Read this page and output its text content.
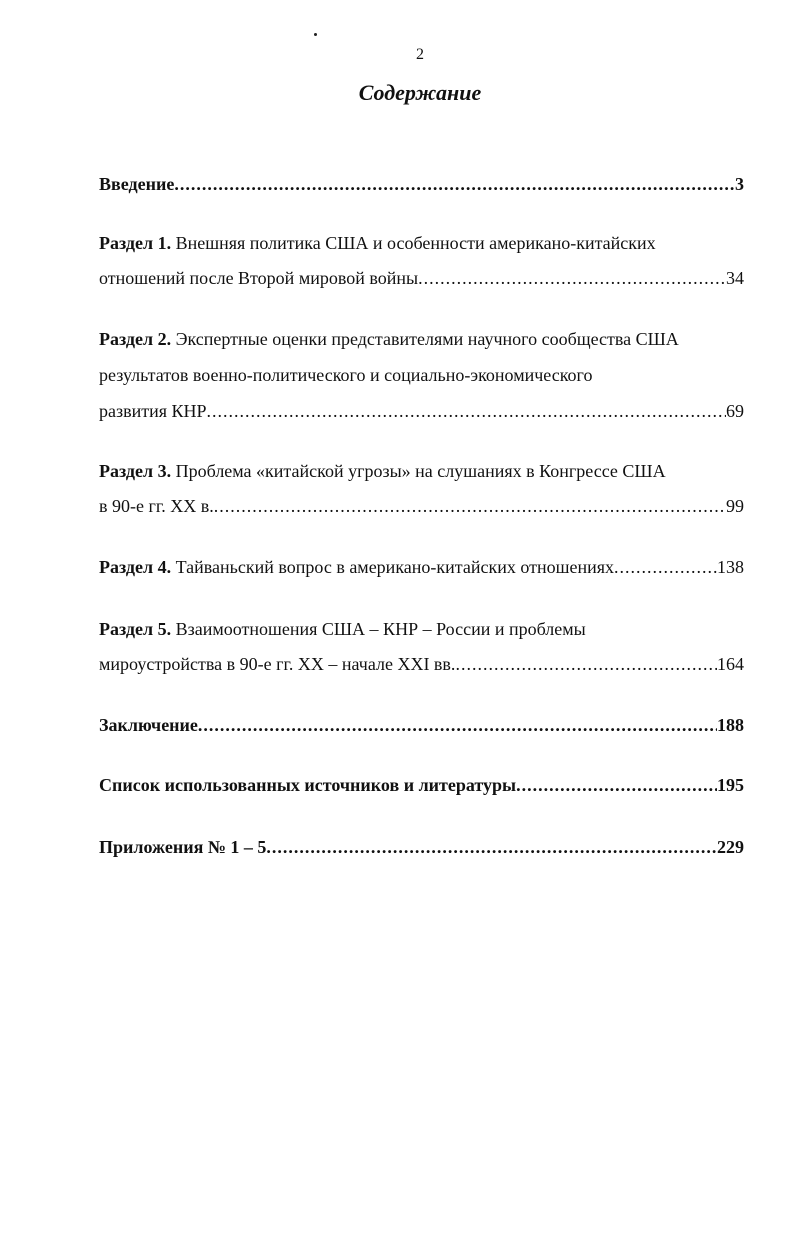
2
Содержание
Введение .....	3
Раздел 1. Внешняя политика США и особенности американо-китайских
отношений после Второй мировой войны .....	34
Раздел 2. Экспертные оценки представителями научного сообщества США
результатов военно-политического и социально-экономического
развития КНР .....	69
Раздел 3. Проблема «китайской угрозы» на слушаниях в Конгрессе США
в 90-е гг. XX в. .....	99
Раздел 4. Тайваньский вопрос в американо-китайских отношениях .....	138
Раздел 5. Взаимоотношения США – КНР – России и проблемы
мироустройства в 90-е гг. XX – начале XXI вв. .....	164
Заключение .....	188
Список использованных источников и литературы .....	195
Приложения № 1 – 5 .....	229
